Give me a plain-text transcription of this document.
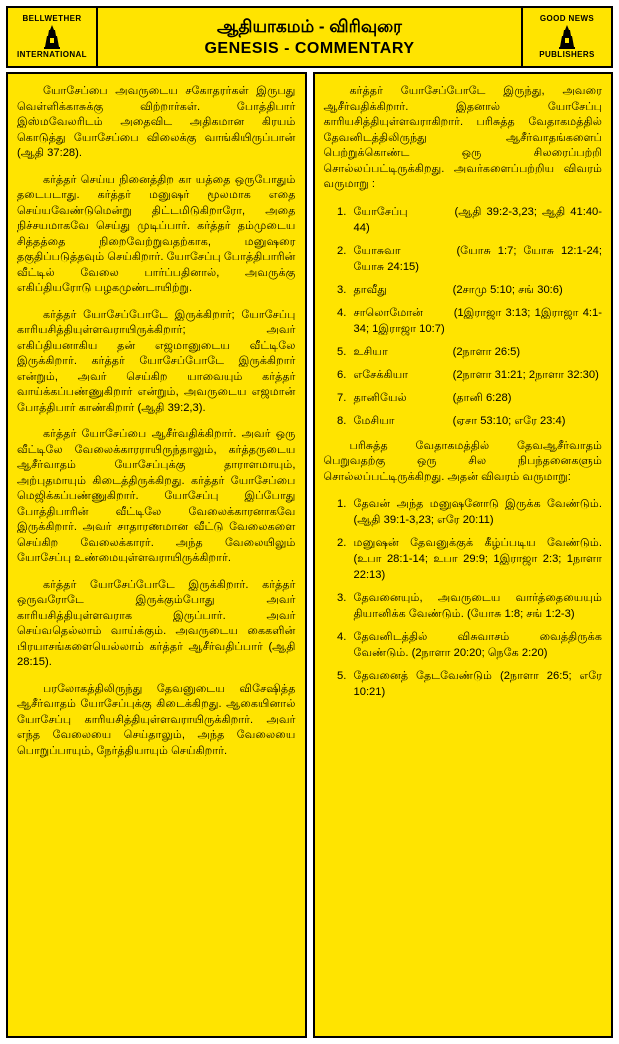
BELLWETHER
INTERNATIONAL
ஆதியாகமம் - விரிவுரை
GENESIS - COMMENTARY
GOOD NEWS
PUBLISHERS

யோசேப்பை அவருடைய சகோதரர்கள் இருபது வெள்ளிக்காசுக்கு விற்றார்கள். போத்திபார் இஸ்மவேலரிடம் அதைவிட அதிகமான கிரயம் கொடுத்து யோசேப்பை விலைக்கு வாங்கியிருப்பான் (ஆதி 37:28).

கர்த்தர் செய்ய நினைத்திற கா யத்தை ஒருபோதும் தடைபடாது. கர்த்தர் மனுஷர் மூலமாக எதை செய்யவேண்டுமென்று திட்டமிடுகிறாரோ, அதை நிச்சயமாகவே செய்து முடிப்பார். கர்த்தர் தம்முடைய சித்தத்தை நிறைவேற்றுவதற்காக, மனுஷரை தகுதிப்படுத்தவும் செய்கிறார். யோசேப்பு போத்திபாரின் வீட்டில் வேலை பார்ப்பதினால், அவருக்கு எகிப்தியரோடு பழகமுண்டாயிற்று.

கர்த்தர் யோசேப்போடே இருக்கிறார்; யோசேப்பு காரியசித்தியுள்ளவராயிருக்கிறார்; அவர் எகிப்தியனாகிய தன் எஜமானுடைய வீட்டிலே இருக்கிறார். கர்த்தர் யோசேப்போடே இருக்கிறார் என்றும், அவர் செய்கிற யாவையும் கர்த்தர் வாய்க்கப்பண்ணுகிறார் என்றும், அவருடைய எஜமான் போத்திபார் காண்கிறார் (ஆதி 39:2,3).

கர்த்தர் யோசேப்பை ஆசீர்வதிக்கிறார். அவர் ஒரு வீட்டிலே வேலைக்காரராயிருந்தாலும், கர்த்தருடைய ஆசீர்வாதம் யோசேப்புக்கு தாராளமாயும், அற்புதமாயும் கிடைத்திருக்கிறது. கர்த்தர் யோசேப்பை மெஜிக்கப்பண்ணுகிறார். யோசேப்பு இப்போது போத்திபாரின் வீட்டிலே வேலைக்காரனாகவே இருக்கிறார். அவர் சாதாரணமான வீட்டு வேலைகளை செய்கிற வேலைக்காரர். அந்த வேலையிலும் யோசேப்பு உண்மையுள்ளவராயிருக்கிறார்.

கர்த்தர் யோசேப்போடே இருக்கிறார். கர்த்தர் ஒருவரோடே இருக்கும்போது அவர் காரியசித்தியுள்ளவராக இருப்பார். அவர் செய்வதெல்லாம் வாய்க்கும். அவருடைய கைகளின் பிரயாசங்களையெல்லாம் கர்த்தர் ஆசீர்வதிப்பார் (ஆதி 28:15).

பரலோகத்திலிருந்து தேவனுடைய விசேஷித்த ஆசீர்வாதம் யோசேப்புக்கு கிடைக்கிறது. ஆகையினால் யோசேப்பு காரியசித்தியுள்ளவராயிருக்கிறார். அவர் எந்த வேலையை செய்தாலும், அந்த வேலையை பொறுப்பாயும், நேர்த்தியாயும் செய்கிறார்.

கர்த்தர் யோசேப்போடே இருந்து, அவரை ஆசீர்வதிக்கிறார். இதனால் யோசேப்பு காரியசித்தியுள்ளவராகிறார். பரிசுத்த வேதாகமத்தில் தேவனிடத்திலிருந்து ஆசீர்வாதங்களைப் பெற்றுக்கொண்ட ஒரு சிலரைப்பற்றி சொல்லப்பட்டிருக்கிறது. அவர்களைப்பற்றிய விவரம் வருமாறு :

1. யோசேப்பு	(ஆதி 39:2-3,23; ஆதி 41:40-44)
2. யோசுவா	(யோசு 1:7; யோசு 12:1-24; யோசு 24:15)
3. தாவீது	(2சாமு 5:10; சங் 30:6)
4. சாலொமோன்	(1இராஜா 3:13; 1இராஜா 4:1-34; 1இராஜா 10:7)
5. உசியா	(2நாளா 26:5)
6. எசேக்கியா	(2நாளா 31:21; 2நாளா 32:30)
7. தானியேல்	(தானி 6:28)
8. மேசியா	(ஏசா 53:10; எரே 23:4)

பரிசுத்த வேதாகமத்தில் தேவஆசீர்வாதம் பெறுவதற்கு ஒரு சில நிபந்தனைகளும் சொல்லப்பட்டிருக்கிறது. அதன் விவரம் வருமாறு:

1. தேவன் அந்த மனுஷனோடு இருக்க வேண்டும். (ஆதி 39:1-3,23; எரே 20:11)
2. மனுஷன் தேவனுக்குக் கீழ்ப்படிய வேண்டும். (உபா 28:1-14; உபா 29:9; 1இராஜா 2:3; 1நாளா 22:13)
3. தேவனையும், அவருடைய வார்த்தையையும் தியானிக்க வேண்டும். (யோசு 1:8; சங் 1:2-3)
4. தேவனிடத்தில் விசுவாசம் வைத்திருக்க வேண்டும். (2நாளா 20:20; நெகே 2:20)
5. தேவனைத் தேடவேண்டும் (2நாளா 26:5; எரே 10:21)
